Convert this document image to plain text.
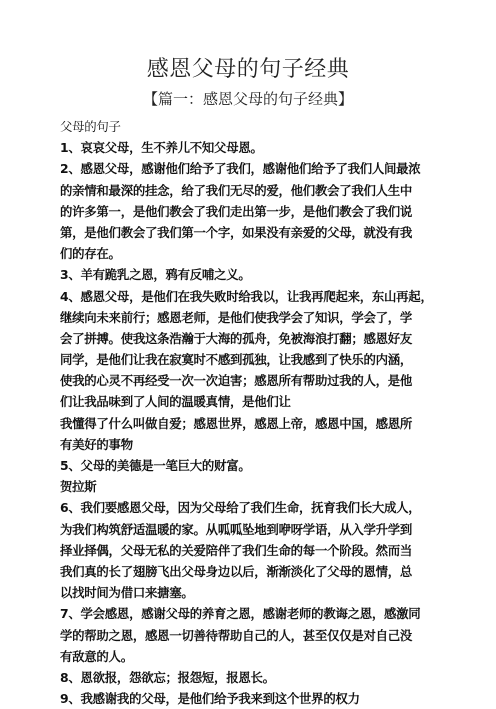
感恩父母的句子经典
【篇一：感恩父母的句子经典】
父母的句子
1、哀哀父母，生不养儿不知父母恩。
2、感恩父母，感谢他们给予了我们，感谢他们给予了我们人间最浓
的亲情和最深的挂念，给了我们无尽的爱，他们教会了我们人生中
的许多第一，是他们教会了我们走出第一步，是他们教会了我们说
第，是他们教会了我们第一个字，如果没有亲爱的父母，就没有我
们的存在。
3、羊有跪乳之恩，鸦有反哺之义。
4、感恩父母，是他们在我失败时给我以，让我再爬起来，东山再起，
继续向未来前行；感恩老师，是他们使我学会了知识，学会了，学
会了拼搏。使我这条浩瀚于大海的孤舟，免被海浪打翻；感恩好友
同学，是他们让我在寂寞时不感到孤独，让我感到了快乐的内涵，
使我的心灵不再经受一次一次迫害；感恩所有帮助过我的人，是他
们让我品味到了人间的温暖真情，是他们让
我懂得了什么叫做自爱；感恩世界，感恩上帝，感恩中国，感恩所
有美好的事物
5、父母的美德是一笔巨大的财富。
贺拉斯
6、我们要感恩父母，因为父母给了我们生命，抚育我们长大成人，
为我们构筑舒适温暖的家。从呱呱坠地到咿呀学语，从入学升学到
择业择偶，父母无私的关爱陪伴了我们生命的每一个阶段。然而当
我们真的长了翅膀飞出父母身边以后，渐渐淡化了父母的恩情，总
以找时间为借口来搪塞。
7、学会感恩，感谢父母的养育之恩，感谢老师的教诲之恩，感激同
学的帮助之恩，感恩一切善待帮助自己的人，甚至仅仅是对自己没
有敌意的人。
8、恩欲报，怨欲忘；报怨短，报恩长。
9、我感谢我的父母，是他们给予我来到这个世界的权力
